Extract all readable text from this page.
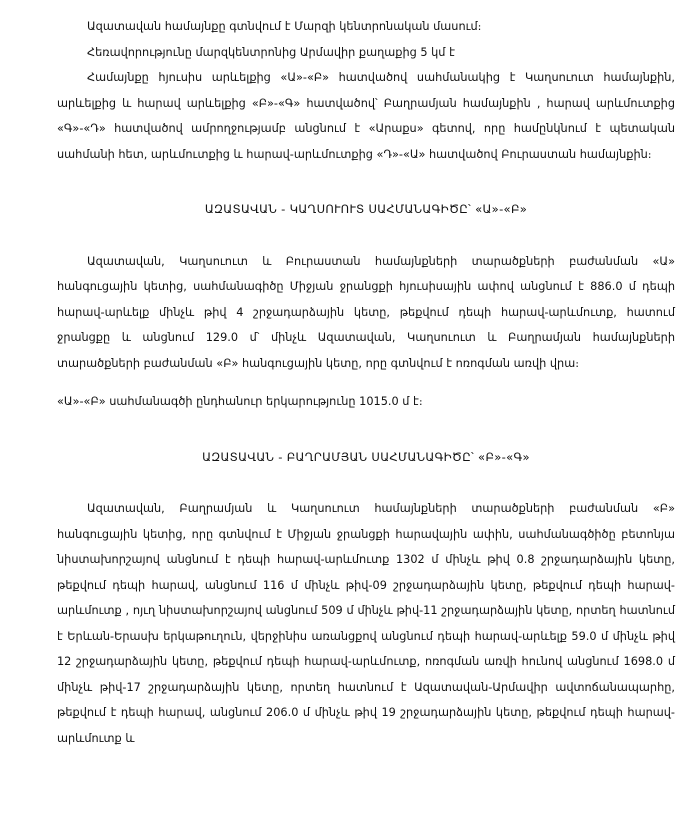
Ազատավան համայնքը գտնվում է Մարզի կենտրոնական մասում։

Հեռավորությունը մարզկենտրոնից Արմավիր քաղաքից 5 կմ է

Համայնքը հյուսիս արևելքից «Ա»-«Բ» հատվածով սահմանակից է Կաղսուուտ համայնքին, արևելքից և հարավ արևելքից «Բ»-«Գ» հատվածով՝ Բաղրամյան համայնքին , հարավ արևմուտքից «Գ»-«Դ» հատվածով ամրողջությամբ անցնում է «Արաքս» գետով, որը համընկնում է պետական սահմանի հետ, արևմուտքից և հարավ-արևմուտքից «Դ»-«Ա» հատվածով Բուրաստան համայնքին։

ԱԶԱՏԱՎԱՆ - ԿԱՂՍՈՒՈՒՏ ՍԱՀՄԱՆԱԳԻԾԸ՝ «Ա»-«Բ»

Ազատավան, Կաղսուուտ և Բուրաստան համայնքների տարածքների բաժանման «Ա» հանգուցային կետից, սահմանագիծը Միջյան ջրանցքի հյուսիսային ափով անցնում է 886.0 մ դեպի հարավ-արևելք մինչև թիվ 4 շրջադարձային կետը, թեքվում դեպի հարավ-արևմուտք, հատում ջրանցքը և անցնում 129.0 մ՝ մինչև Ազատավան, Կաղսուուտ և Բաղրամյան համայնքների տարածքների բաժանման «Բ» հանգուցային կետը, որը գտնվում է ոռոգման առվի վրա։

«Ա»-«Բ» սահմանագծի ընդհանուր երկարությունը 1015.0 մ է։

ԱԶԱՏԱՎԱՆ - ԲԱՂՐԱՄՅԱՆ ՍԱՀՄԱՆԱԳԻԾԸ՝ «Բ»-«Գ»

Ազատավան, Բաղրամյան և Կաղսուուտ համայնքների տարածքների բաժանման «Բ» հանգուցային կետից, որը գտնվում է Միջյան ջրանցքի հարավային ափին, սահմանագծիծը բետոնյա նիստախորշայով անցնում է դեպի հարավ-արևմուտք 1302 մ մինչև թիվ 0.8 շրջադարձային կետը, թեքվում դեպի հարավ, անցնում 116 մ մինչև թիվ-09 շրջադարձային կետը, թեքվում դեպի հարավ-արևմուտք , ոյւղ նիստախորշայով անցնում 509 մ մինչև թիվ-11 շրջադարձային կետը, որտեղ հատնում է Երևան-Երասխ երկաթուղուն, վերջինիս առանցքով անցնում դեպի հարավ-արևելք 59.0 մ մինչև թիվ 12 շրջադարձային կետը, թեքվում դեպի հարավ-արևմուտք, ոռոգման առվի հունով անցնում 1698.0 մ մինչև թիվ-17 շրջադարձային կետը, որտեղ հատնում է Ազատավան-Արմավիր ավտոճանապարհը, թեքվում է դեպի հարավ, անցնում 206.0 մ մինչև թիվ 19 շրջադարձային կետը, թեքվում դեպի հարավ-արևմուտք և
